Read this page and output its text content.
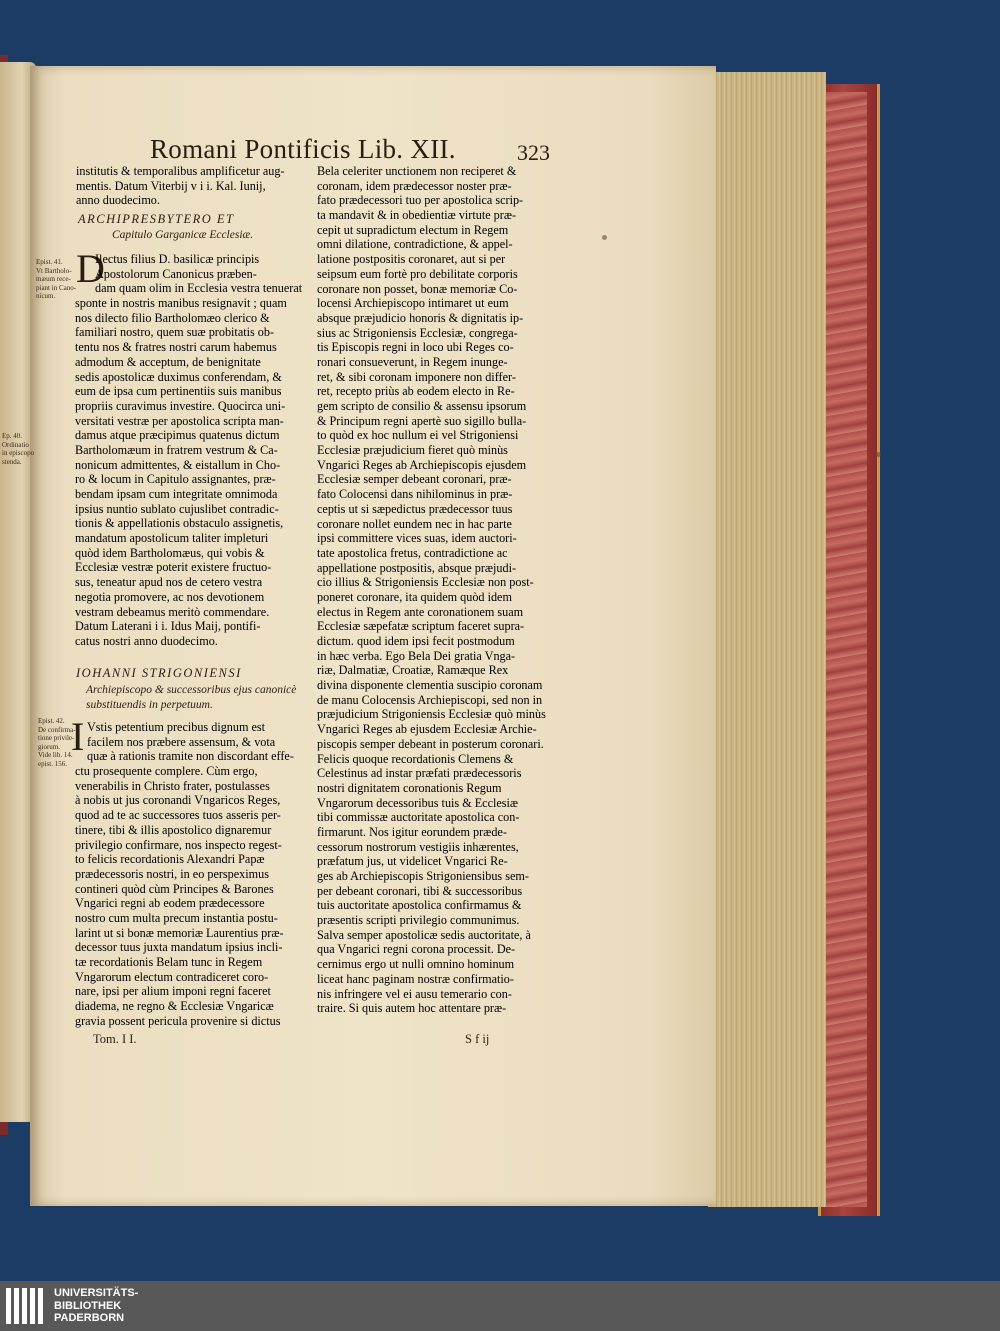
Romani Pontificis Lib. XII.	323
institutis & temporalibus amplificetur aug-
mentis. Datum Viterbij v i i. Kal. Iunij,
anno duodecimo.
ARCHIPRESBYTERO ET
Capitulo Garganicæ Ecclesiæ.
D
Ilectus filius D. basilicæ principis
Apostolorum Canonicus præben-
dam quam olim in Ecclesia vestra tenuerat
sponte in nostris manibus resignavit ; quam
nos dilecto filio Bartholomæo clerico &
familiari nostro, quem suæ probitatis ob-
tentu nos & fratres nostri carum habemus
admodum & acceptum, de benignitate
sedis apostolicæ duximus conferendam, &
eum de ipsa cum pertinentiis suis manibus
propriis curavimus investire. Quocirca uni-
versitati vestræ per apostolica scripta man-
damus atque præcipimus quatenus dictum
Bartholomæum in fratrem vestrum & Ca-
nonicum admittentes, & eistallum in Cho-
ro & locum in Capitulo assignantes, præ-
bendam ipsam cum integritate omnimoda
ipsius nuntio sublato cujuslibet contradic-
tionis & appellationis obstaculo assignetis,
mandatum apostolicum taliter impleturi
quòd idem Bartholomæus, qui vobis &
Ecclesiæ vestræ poterit existere fructuo-
sus, teneatur apud nos de cetero vestra
negotia promovere, ac nos devotionem
vestram debeamus meritò commendare.
Datum Laterani i i. Idus Maij, pontifi-
catus nostri anno duodecimo.
IOHANNI STRIGONIENSI
Archiepiscopo & successoribus ejus canonicè
substituendis in perpetuum.
I Vstis petentium precibus dignum est
facilem nos præbere assensum, & vota
quæ à rationis tramite non discordant effe-
ctu prosequente complere. Cùm ergo,
venerabilis in Christo frater, postulasses
à nobis ut jus coronandi Vngaricos Reges,
quod ad te ac successores tuos asseris per-
tinere, tibi & illis apostolico dignaremur
privilegio confirmare, nos inspecto regest-
to felicis recordationis Alexandri Papæ
prædecessoris nostri, in eo perspeximus
contineri quòd cùm Principes & Barones
Vngarici regni ab eodem prædecessore
nostro cum multa precum instantia postu-
larint ut si bonæ memoriæ Laurentius præ-
decessor tuus juxta mandatum ipsius incli-
tæ recordationis Belam tunc in Regem
Vngarorum electum contradiceret coro-
nare, ipsi per alium imponi regni faceret
diadema, ne regno & Ecclesiæ Vngaricæ
gravia possent pericula provenire si dictus
Tom. I I.
Epist. 41.
Vt Bartholo-
mæum rece-
piant in Cano-
nicum.
Ep. 40.
Ordinatio
in episcopo
stenda.
Epist. 42.
De confirma-
tione privile-
giorum.
Vide lib. 14.
epist. 156.
Bela celeriter unctionem non reciperet &
coronam, idem prædecessor noster præ-
fato prædecessori tuo per apostolica scrip-
ta mandavit & in obedientiæ virtute præ-
cepit ut supradictum electum in Regem
omni dilatione, contradictione, & appel-
latione postpositis coronaret, aut si per
seipsum eum fortè pro debilitate corporis
coronare non posset, bonæ memoriæ Co-
locensi Archiepiscopo intimaret ut eum
absque præjudicio honoris & dignitatis ip-
sius ac Strigoniensis Ecclesiæ, congrega-
tis Episcopis regni in loco ubi Reges co-
ronari consueverunt, in Regem inunge-
ret, & sibi coronam imponere non differ-
ret, recepto priùs ab eodem electo in Re-
gem scripto de consilio & assensu ipsorum
& Principum regni apertè suo sigillo bulla-
to quòd ex hoc nullum ei vel Strigoniensi
Ecclesiæ præjudicium fieret quò minùs
Vngarici Reges ab Archiepiscopis ejusdem
Ecclesiæ semper debeant coronari, præ-
fato Colocensi dans nihilominus in præ-
ceptis ut si sæpedictus prædecessor tuus
coronare nollet eundem nec in hac parte
ipsi committere vices suas, idem auctori-
tate apostolica fretus, contradictione ac
appellatione postpositis, absque præjudi-
cio illius & Strigoniensis Ecclesiæ non post-
poneret coronare, ita quidem quòd idem
electus in Regem ante coronationem suam
Ecclesiæ sæpefatæ scriptum faceret supra-
dictum. quod idem ipsi fecit postmodum
in hæc verba. Ego Bela Dei gratia Vnga-
riæ, Dalmatiæ, Croatiæ, Ramæque Rex
divina disponente clementia suscipio coronam
de manu Colocensis Archiepiscopi, sed non in
præjudicium Strigoniensis Ecclesiæ quò minùs
Vngarici Reges ab ejusdem Ecclesiæ Archie-
piscopis semper debeant in posterum coronari.
Felicis quoque recordationis Clemens &
Celestinus ad instar præfati prædecessoris
nostri dignitatem coronationis Regum
Vngarorum decessoribus tuis & Ecclesiæ
tibi commissæ auctoritate apostolica con-
firmarunt. Nos igitur eorundem præde-
cessorum nostrorum vestigiis inhærentes,
præfatum jus, ut videlicet Vngarici Re-
ges ab Archiepiscopis Strigoniensibus sem-
per debeant coronari, tibi & successoribus
tuis auctoritate apostolica confirmamus &
præsentis scripti privilegio communimus.
Salva semper apostolicæ sedis auctoritate, à
qua Vngarici regni corona processit. De-
cernimus ergo ut nulli omnino hominum
liceat hanc paginam nostræ confirmatio-
nis infringere vel ei ausu temerario con-
traire. Si quis autem hoc attentare præ-
S f ij
UNIVERSITÄTS-
BIBLIOTHEK
PADERBORN
